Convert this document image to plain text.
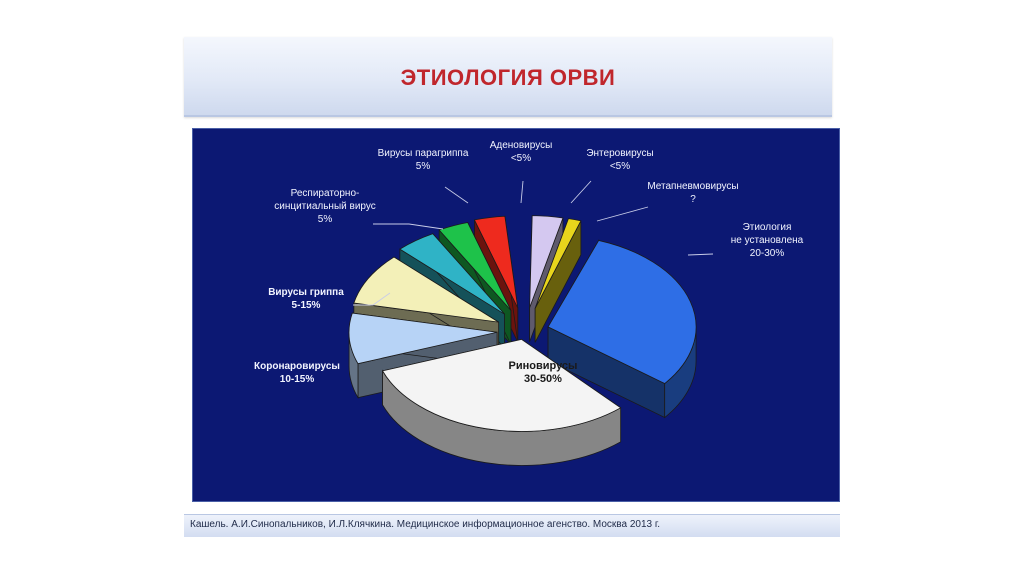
ЭТИОЛОГИЯ ОРВИ
Риновирусы 30-50%
Коронаровирусы 10-15%
Вирусы гриппа 5-15%
Респираторно-синцитиальный вирус 5%
Вирусы парагриппа 5%
Аденовирусы <5%	Энтеровирусы <5%
Метапневмовирусы ?
Этиология не установлена 20-30%
Кашель. А.И.Синопальников, И.Л.Клячкина. Медицинское информационное агенство. Москва 2013 г.
